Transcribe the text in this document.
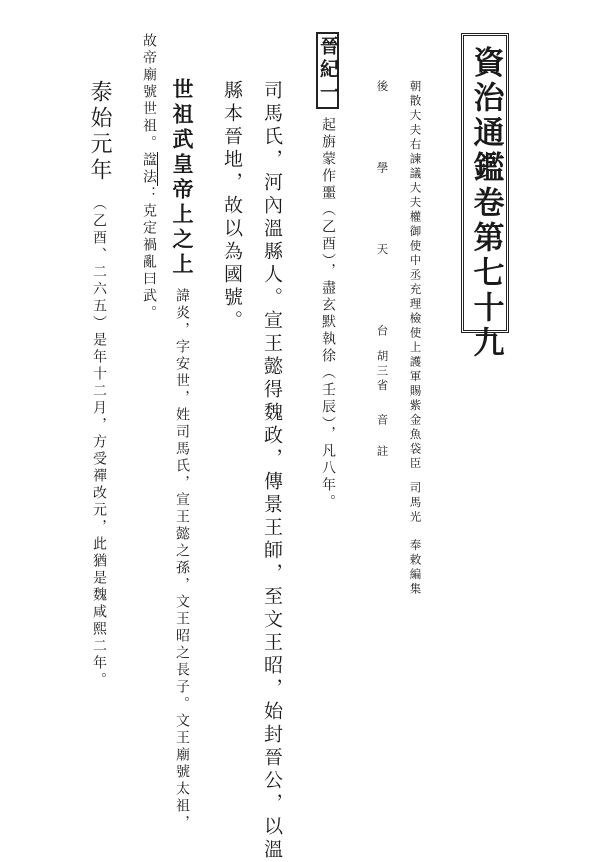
資治通鑑卷第七十九
朝散大夫右諫議大夫權御使中丞充理檢使上護軍賜紫金魚袋臣司馬光奉敕編集
後學天台胡三省音註
晉紀一起旃蒙作噩（乙酉），盡玄默執徐（壬辰），凡八年。
司馬氏，河內溫縣人。宣王懿得魏政，傳景王師，至文王昭，始封晉公，以溫
縣本晉地，故以為國號。
世祖武皇帝上之上諱炎，字安世，姓司馬氏，宣王懿之孫，文王昭之長子。文王廟號太祖，
故帝廟號世祖。諡法：克定禍亂曰武。
泰始元年（乙酉、二六五）是年十二月，方受禪改元，此猶是魏咸熙二年。
